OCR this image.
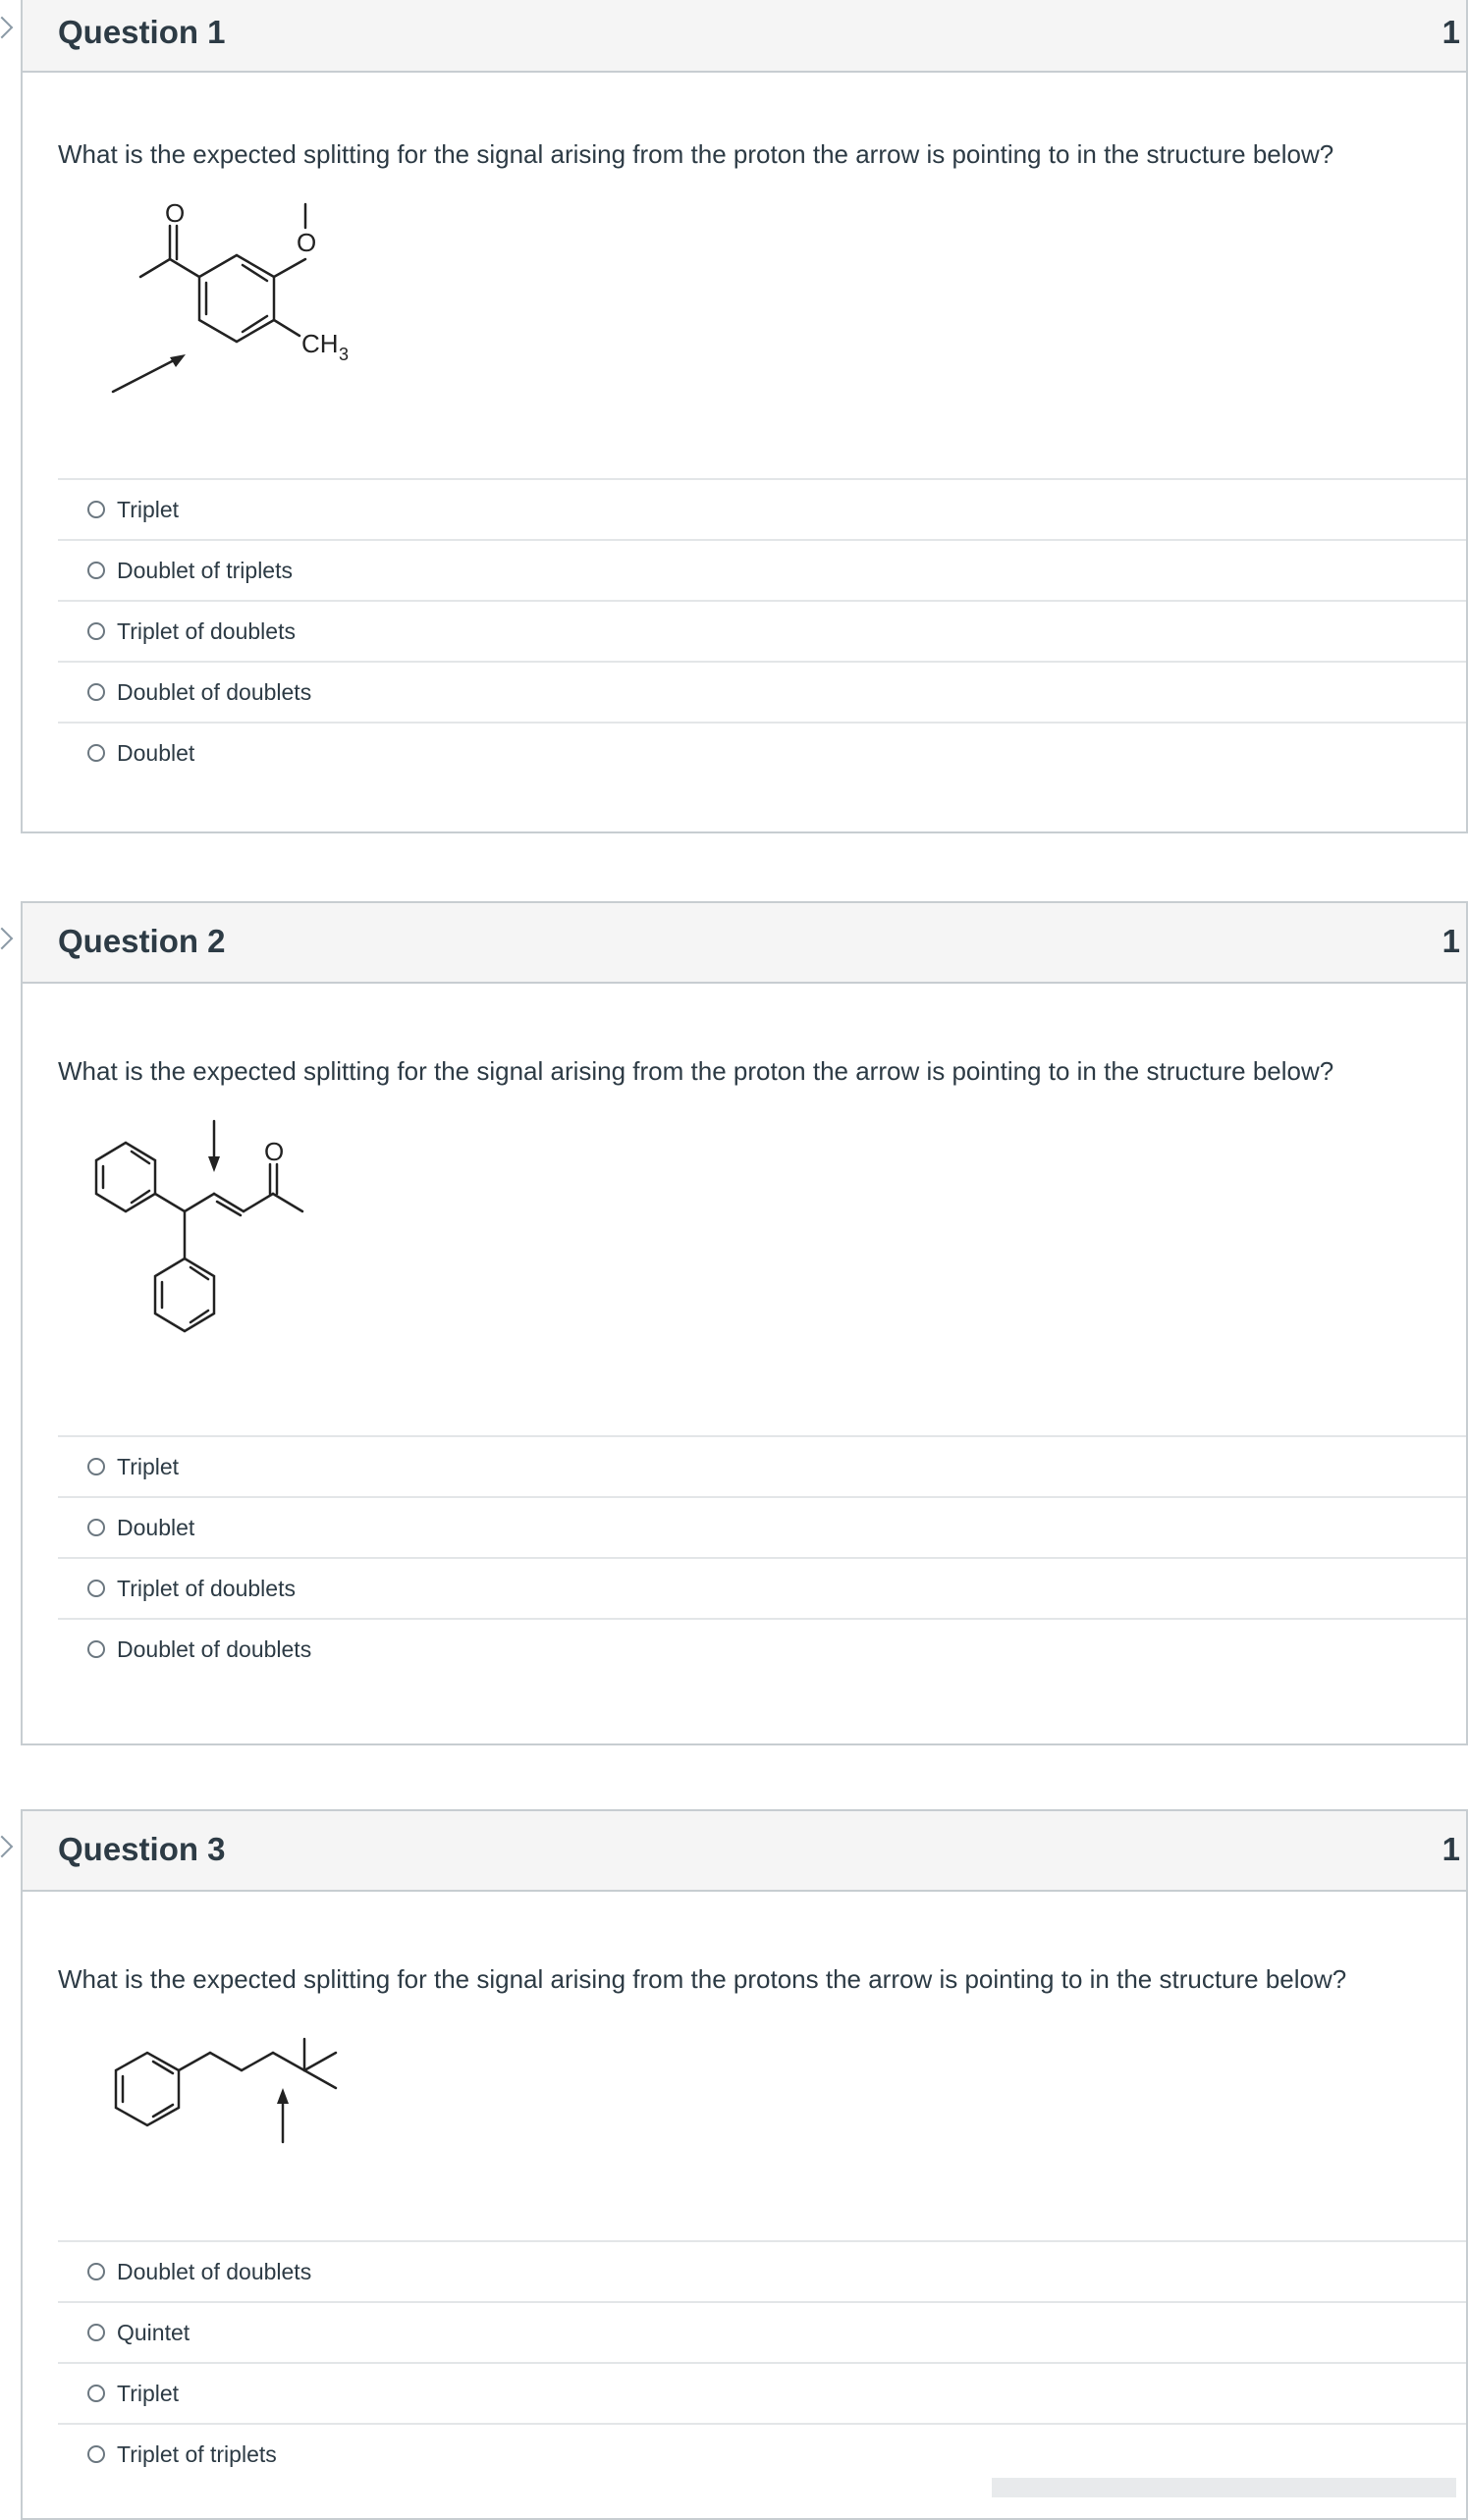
Question 1	1
What is the expected splitting for the signal arising from the proton the arrow is pointing to in the structure below?
O
O
CH 3
Triplet
Doublet of triplets
Triplet of doublets
Doublet of doublets
Doublet
Question 2	1
What is the expected splitting for the signal arising from the proton the arrow is pointing to in the structure below?
O
Triplet
Doublet
Triplet of doublets
Doublet of doublets
Question 3	1
What is the expected splitting for the signal arising from the protons the arrow is pointing to in the structure below?
Doublet of doublets
Quintet
Triplet
Triplet of triplets
